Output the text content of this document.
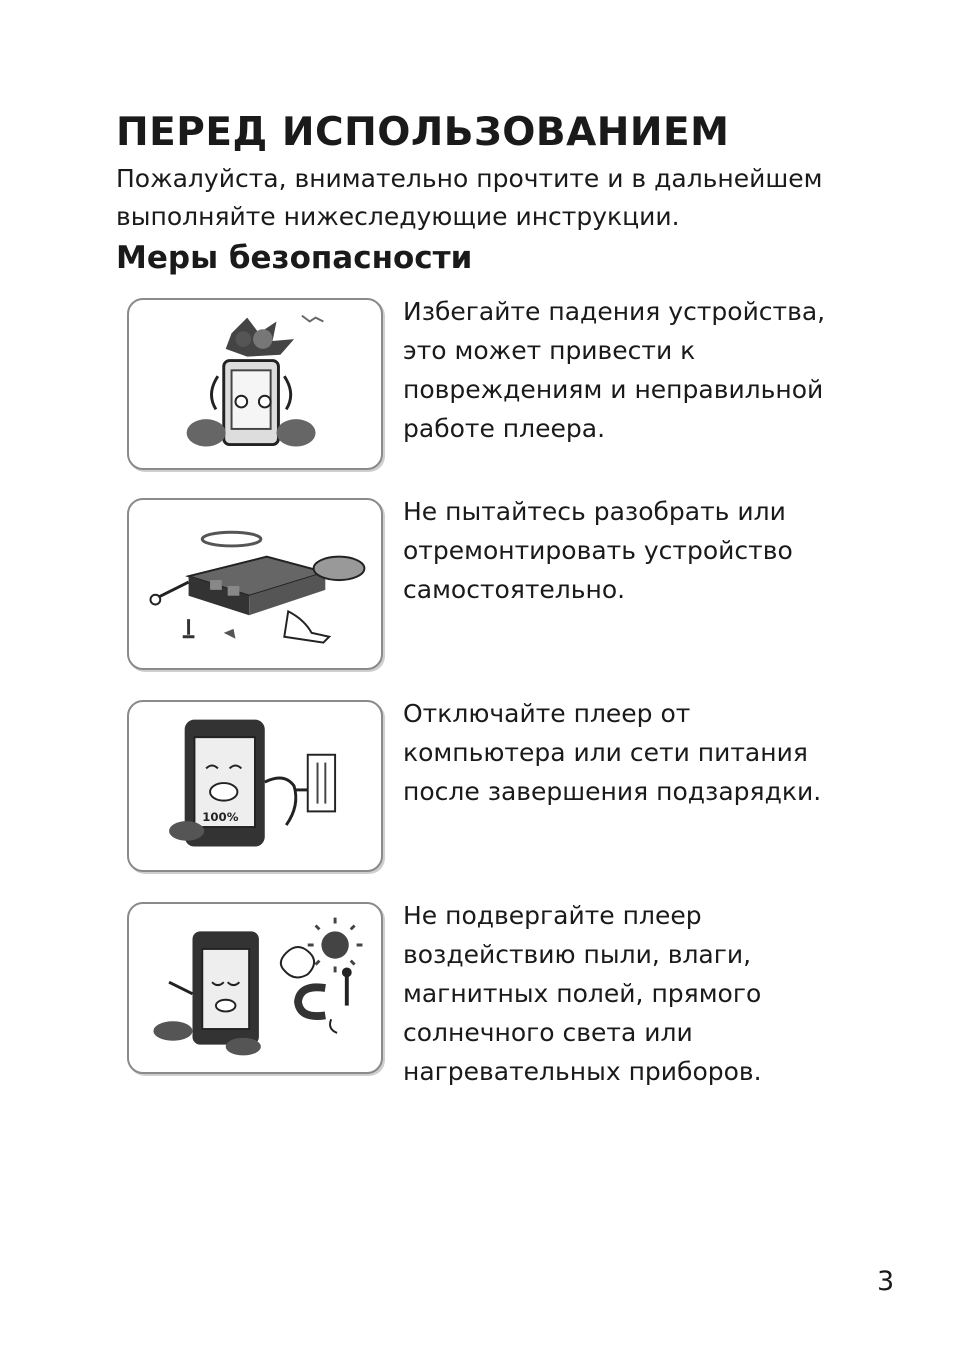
ПЕРЕД ИСПОЛЬЗОВАНИЕМ
Пожалуйста, внимательно прочтите и в дальнейшем
выполняйте нижеследующие инструкции.
Меры безопасности
Избегайте падения устройства,
это может привести к
повреждениям и неправильной
работе плеера.
Не пытайтесь разобрать или
отремонтировать устройство
самостоятельно.
100%
Отключайте плеер от
компьютера или сети питания
после завершения подзарядки.
Не подвергайте плеер
воздействию пыли, влаги,
магнитных полей, прямого
солнечного света или
нагревательных приборов.
3
